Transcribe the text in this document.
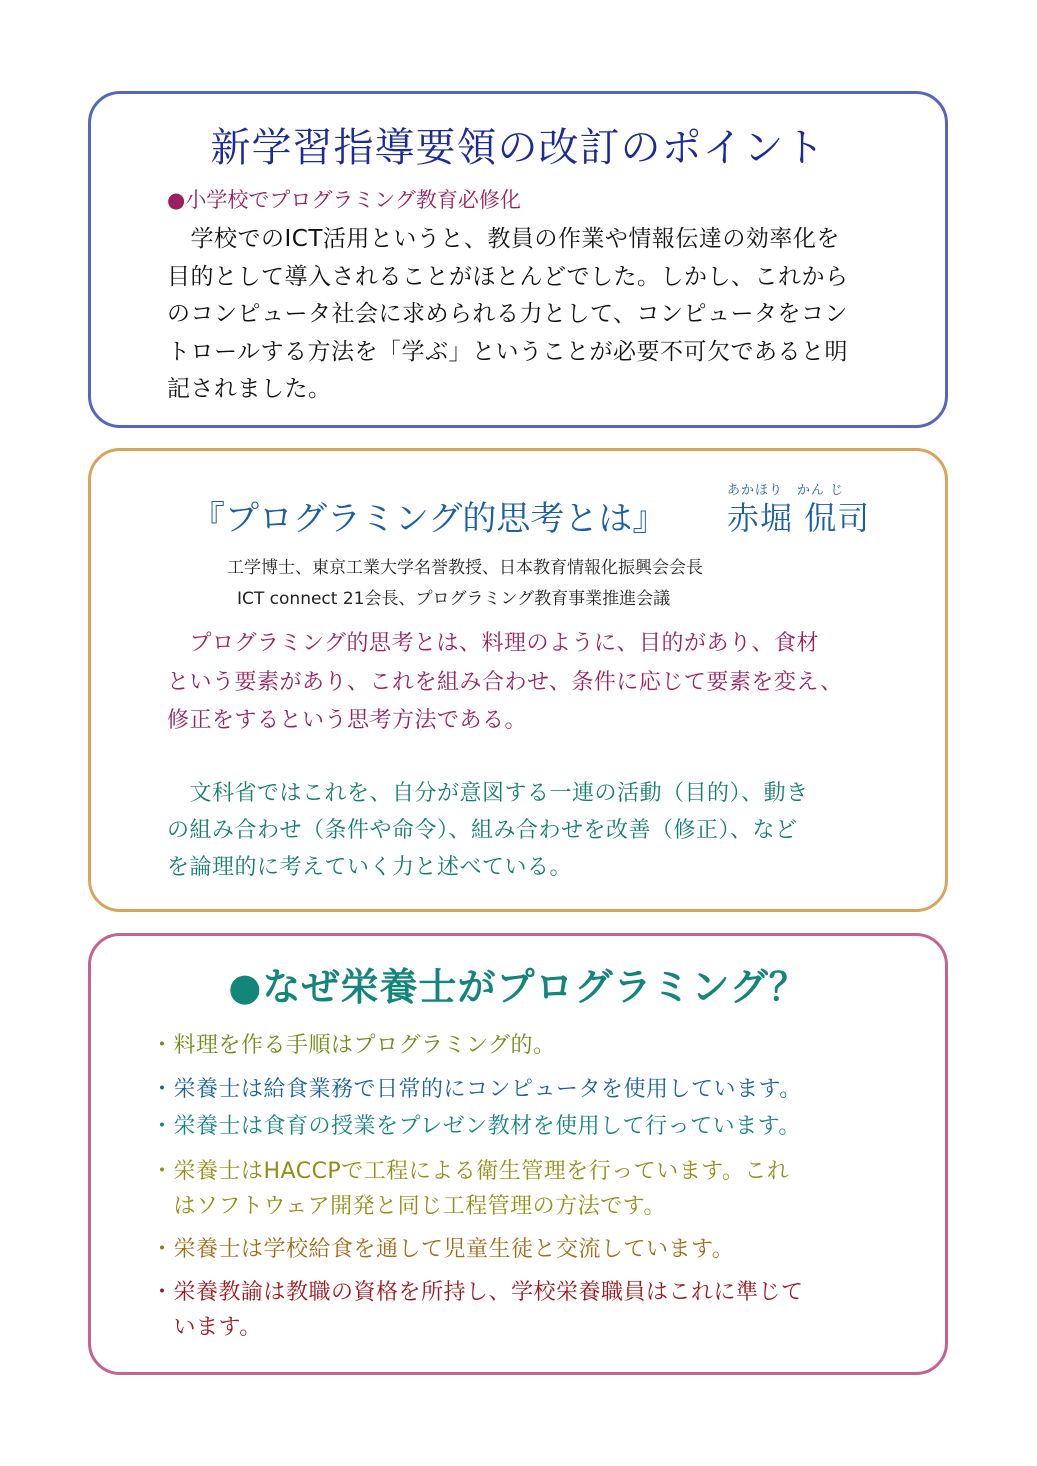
新学習指導要領の改訂のポイント
●小学校でプログラミング教育必修化
　学校でのICT活用というと、教員の作業や情報伝達の効率化を
目的として導入されることがほとんどでした。しかし、これから
のコンピュータ社会に求められる力として、コンピュータをコン
トロールする方法を「学ぶ」ということが必要不可欠であると明
記されました。
あかほり　かん じ
『プログラミング的思考とは』 赤堀 侃司
工学博士、東京工業大学名誉教授、日本教育情報化振興会会長
ICT connect 21会長、プログラミング教育事業推進会議
　プログラミング的思考とは、料理のように、目的があり、食材
という要素があり、これを組み合わせ、条件に応じて要素を変え、
修正をするという思考方法である。
　文科省ではこれを、自分が意図する一連の活動（目的）、動き
の組み合わせ（条件や命令）、組み合わせを改善（修正）、など
を論理的に考えていく力と述べている。
●なぜ栄養士がプログラミング？
・料理を作る手順はプログラミング的。
・栄養士は給食業務で日常的にコンピュータを使用しています。
・栄養士は食育の授業をプレゼン教材を使用して行っています。
・栄養士はHACCPで工程による衛生管理を行っています。これ
　はソフトウェア開発と同じ工程管理の方法です。
・栄養士は学校給食を通して児童生徒と交流しています。
・栄養教諭は教職の資格を所持し、学校栄養職員はこれに準じて
　います。
